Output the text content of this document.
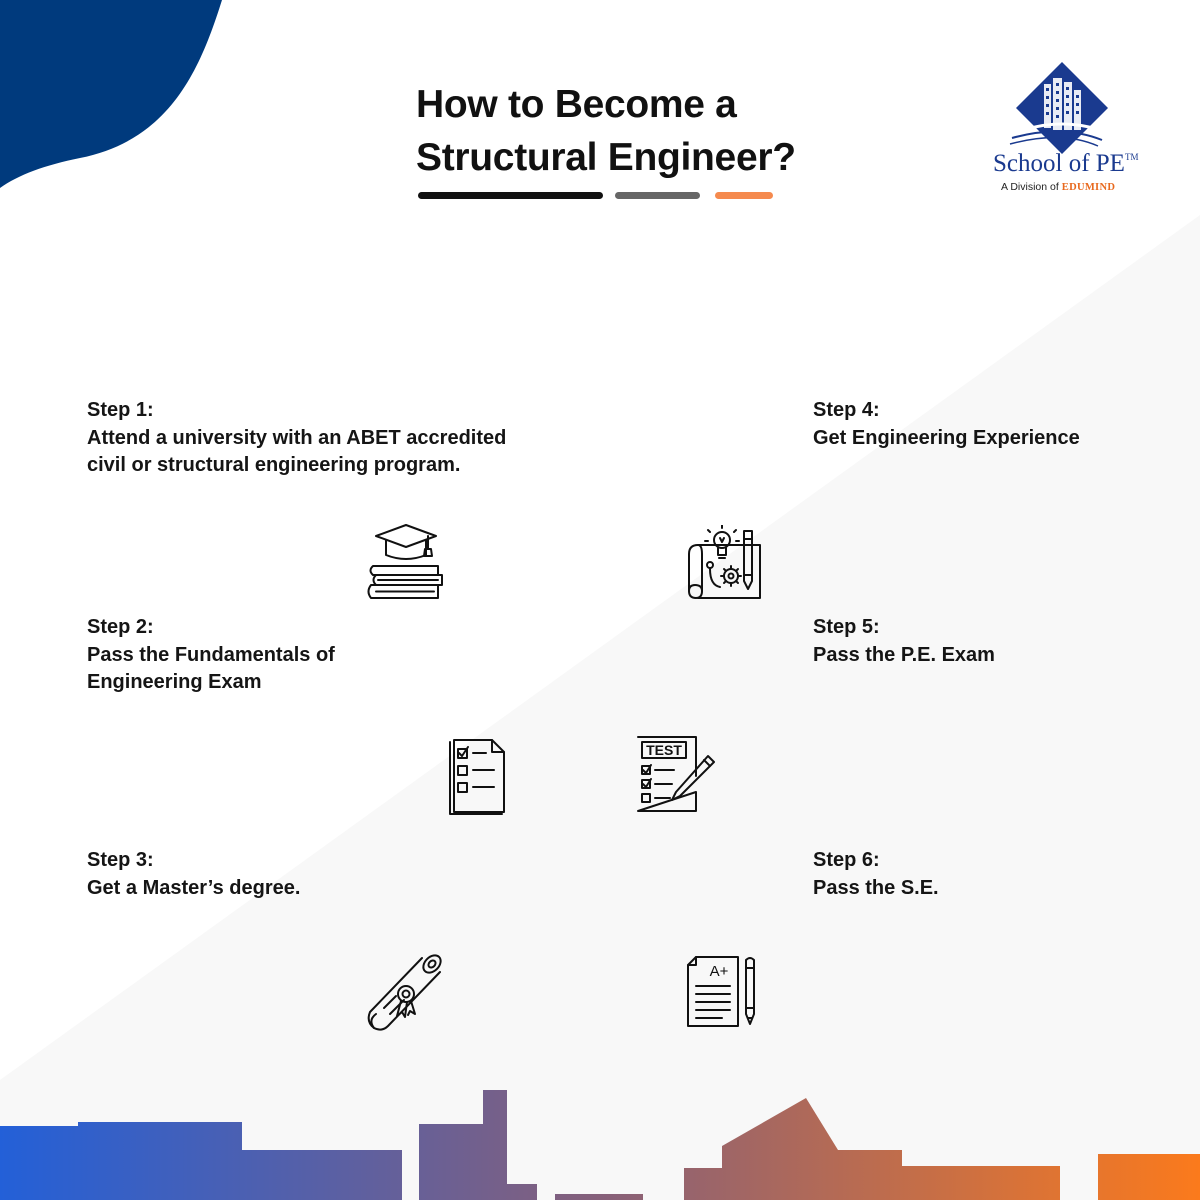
How to Become a
Structural Engineer?	School of PE™
A Division of EDUMIND
Step 1:
Attend a university with an ABET accredited
civil or structural engineering program.
Step 2:
Pass the Fundamentals of
Engineering Exam
Step 3:
Get a Master’s degree.
Step 4:
Get Engineering Experience
Step 5:
Pass the P.E. Exam
Step 6:
Pass the S.E.
TEST
A+
